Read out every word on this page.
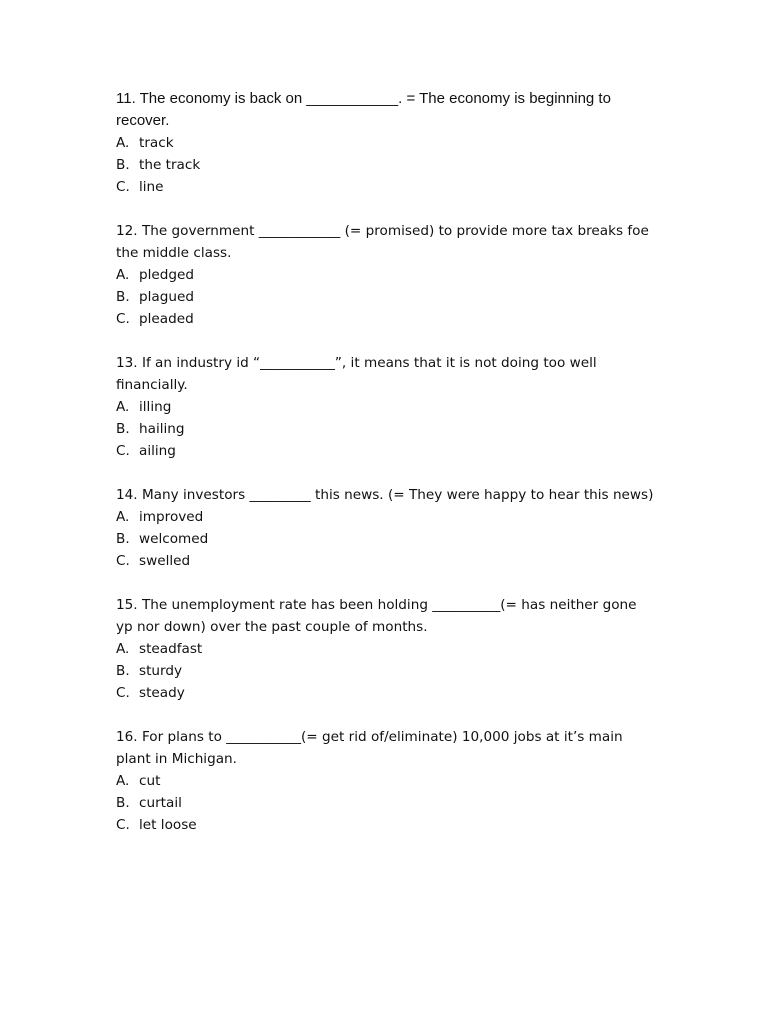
11. The economy is back on ___________. = The economy is beginning to recover.

A. track
B. the track
C. line

12. The government ____________ (= promised) to provide more tax breaks foe the middle class.

A. pledged
B. plagued
C. pleaded

13. If an industry id “___________”, it means that it is not doing too well financially.

A. illing
B. hailing
C. ailing

14. Many investors _________ this news. (= They were happy to hear this news)

A. improved
B. welcomed
C. swelled

15. The unemployment rate has been holding __________(= has neither gone yp nor down) over the past couple of months.

A. steadfast
B. sturdy
C. steady

16. For plans to ___________(= get rid of/eliminate) 10,000 jobs at it’s main plant in Michigan.

A. cut
B. curtail
C. let loose
